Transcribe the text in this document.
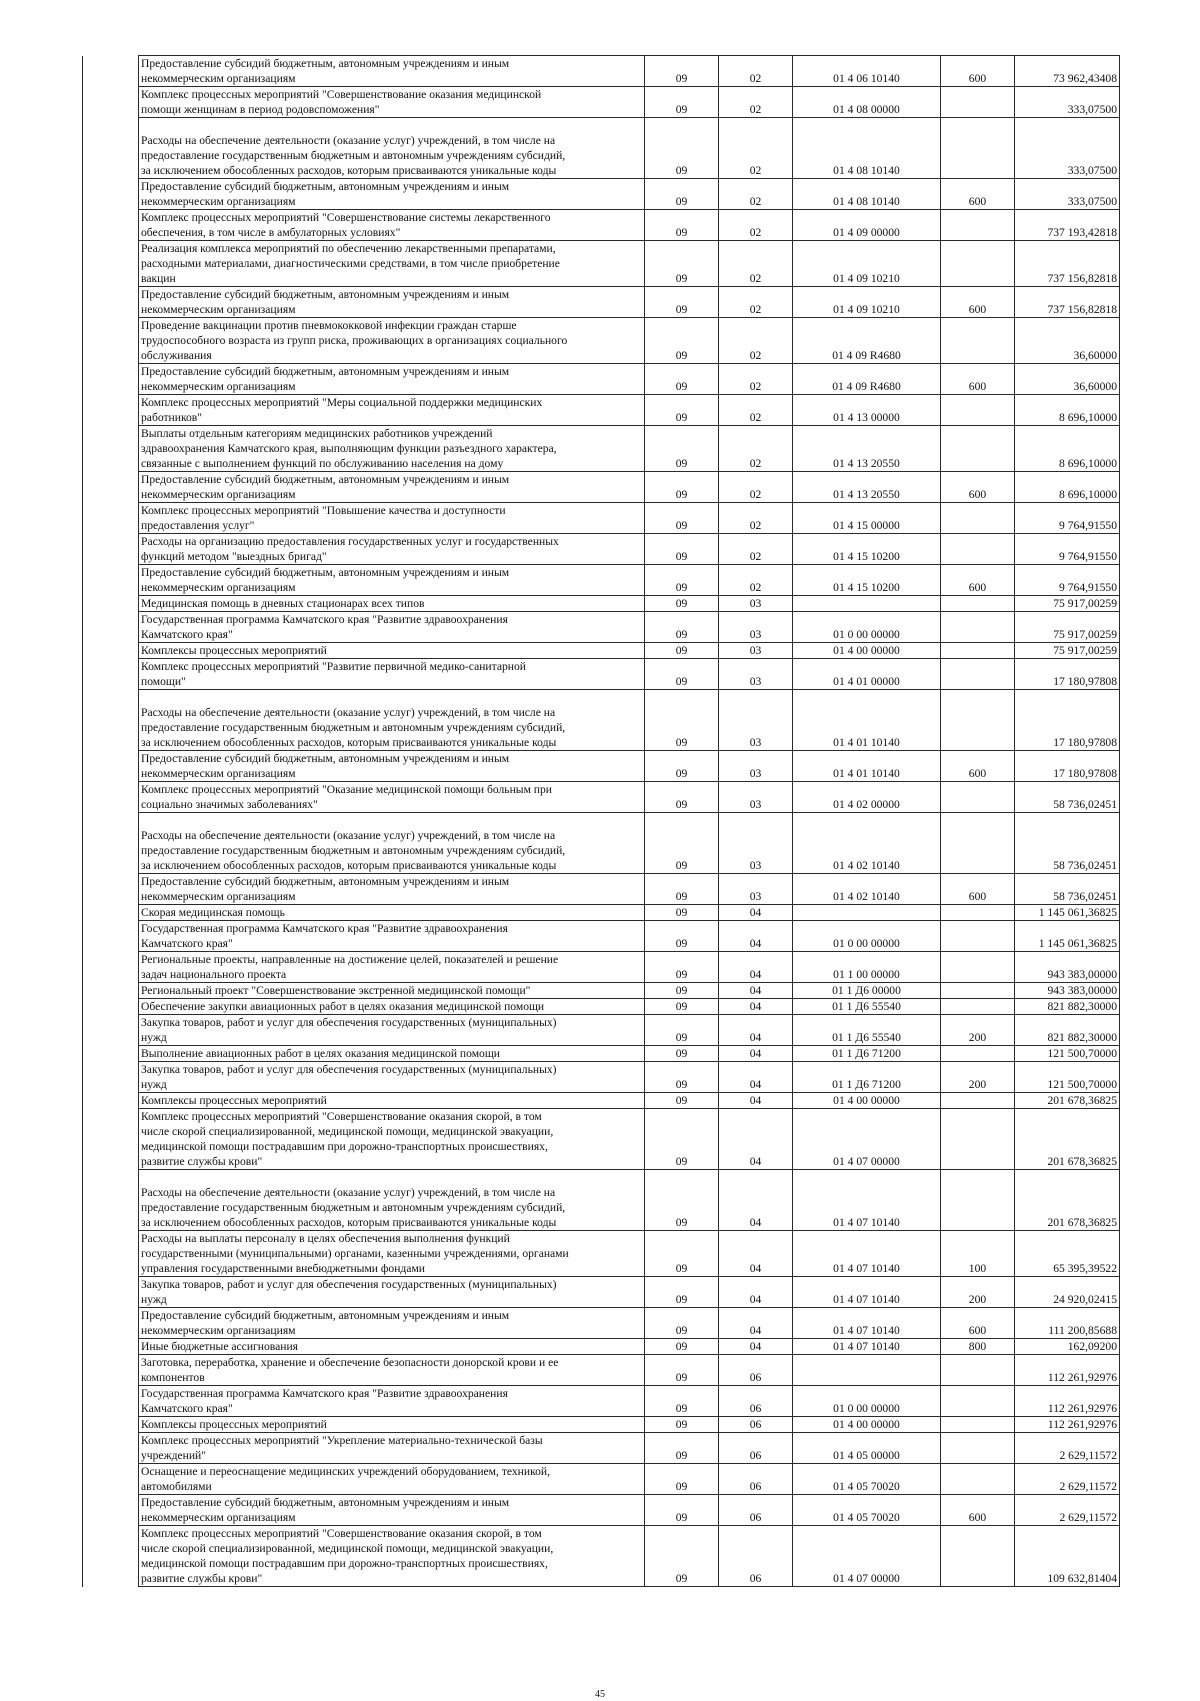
	Предоставление субсидий бюджетным, автономным учреждениям и иным
некоммерческим организациям	09	02	01 4 06 10140	600	73 962,43408
	Комплекс процессных мероприятий "Совершенствование оказания медицинской
помощи женщинам в период родовспоможения"	09	02	01 4 08 00000		333,07500

Расходы на обеспечение деятельности (оказание услуг) учреждений, в том числе на
предоставление государственным бюджетным и автономным учреждениям субсидий,
за исключением обособленных расходов, которым присваиваются уникальные коды	09	02	01 4 08 10140		333,07500
	Предоставление субсидий бюджетным, автономным учреждениям и иным
некоммерческим организациям	09	02	01 4 08 10140	600	333,07500
	Комплекс процессных мероприятий "Совершенствование системы лекарственного
обеспечения, в том числе в амбулаторных условиях"	09	02	01 4 09 00000		737 193,42818
	Реализация комплекса мероприятий по обеспечению лекарственными препаратами,
расходными материалами, диагностическими средствами, в том числе приобретение
вакцин	09	02	01 4 09 10210		737 156,82818
	Предоставление субсидий бюджетным, автономным учреждениям и иным
некоммерческим организациям	09	02	01 4 09 10210	600	737 156,82818
	Проведение вакцинации против пневмококковой инфекции граждан старше
трудоспособного возраста из групп риска, проживающих в организациях социального
обслуживания	09	02	01 4 09 R4680		36,60000
	Предоставление субсидий бюджетным, автономным учреждениям и иным
некоммерческим организациям	09	02	01 4 09 R4680	600	36,60000
	Комплекс процессных мероприятий "Меры социальной поддержки медицинских
работников"	09	02	01 4 13 00000		8 696,10000
	Выплаты отдельным категориям медицинских работников учреждений
здравоохранения Камчатского края, выполняющим функции разъездного характера,
связанные с выполнением функций по обслуживанию населения на дому	09	02	01 4 13 20550		8 696,10000
	Предоставление субсидий бюджетным, автономным учреждениям и иным
некоммерческим организациям	09	02	01 4 13 20550	600	8 696,10000
	Комплекс процессных мероприятий "Повышение качества и доступности
предоставления услуг"	09	02	01 4 15 00000		9 764,91550
	Расходы на организацию предоставления государственных услуг и государственных
функций методом "выездных бригад"	09	02	01 4 15 10200		9 764,91550
	Предоставление субсидий бюджетным, автономным учреждениям и иным
некоммерческим организациям	09	02	01 4 15 10200	600	9 764,91550
	Медицинская помощь в дневных стационарах всех типов	09	03			75 917,00259
	Государственная программа Камчатского края "Развитие здравоохранения
Камчатского края"	09	03	01 0 00 00000		75 917,00259
	Комплексы процессных мероприятий	09	03	01 4 00 00000		75 917,00259
	Комплекс процессных мероприятий "Развитие первичной медико-санитарной
помощи"	09	03	01 4 01 00000		17 180,97808

Расходы на обеспечение деятельности (оказание услуг) учреждений, в том числе на
предоставление государственным бюджетным и автономным учреждениям субсидий,
за исключением обособленных расходов, которым присваиваются уникальные коды	09	03	01 4 01 10140		17 180,97808
	Предоставление субсидий бюджетным, автономным учреждениям и иным
некоммерческим организациям	09	03	01 4 01 10140	600	17 180,97808
	Комплекс процессных мероприятий "Оказание медицинской помощи больным при
социально значимых заболеваниях"	09	03	01 4 02 00000		58 736,02451

Расходы на обеспечение деятельности (оказание услуг) учреждений, в том числе на
предоставление государственным бюджетным и автономным учреждениям субсидий,
за исключением обособленных расходов, которым присваиваются уникальные коды	09	03	01 4 02 10140		58 736,02451
	Предоставление субсидий бюджетным, автономным учреждениям и иным
некоммерческим организациям	09	03	01 4 02 10140	600	58 736,02451
	Скорая медицинская помощь	09	04			1 145 061,36825
	Государственная программа Камчатского края "Развитие здравоохранения
Камчатского края"	09	04	01 0 00 00000		1 145 061,36825
	Региональные проекты, направленные на достижение целей, показателей и решение
задач национального проекта	09	04	01 1 00 00000		943 383,00000
	Региональный проект "Совершенствование экстренной медицинской помощи"	09	04	01 1 Д6 00000		943 383,00000
	Обеспечение закупки авиационных работ в целях оказания медицинской помощи	09	04	01 1 Д6 55540		821 882,30000
	Закупка товаров, работ и услуг для обеспечения государственных (муниципальных)
нужд	09	04	01 1 Д6 55540	200	821 882,30000
	Выполнение авиационных работ в целях оказания медицинской помощи	09	04	01 1 Д6 71200		121 500,70000
	Закупка товаров, работ и услуг для обеспечения государственных (муниципальных)
нужд	09	04	01 1 Д6 71200	200	121 500,70000
	Комплексы процессных мероприятий	09	04	01 4 00 00000		201 678,36825
	Комплекс процессных мероприятий "Совершенствование оказания скорой, в том
числе скорой специализированной, медицинской помощи, медицинской эвакуации,
медицинской помощи пострадавшим при дорожно-транспортных происшествиях,
развитие службы крови"	09	04	01 4 07 00000		201 678,36825

Расходы на обеспечение деятельности (оказание услуг) учреждений, в том числе на
предоставление государственным бюджетным и автономным учреждениям субсидий,
за исключением обособленных расходов, которым присваиваются уникальные коды	09	04	01 4 07 10140		201 678,36825
	Расходы на выплаты персоналу в целях обеспечения выполнения функций
государственными (муниципальными) органами, казенными учреждениями, органами
управления государственными внебюджетными фондами	09	04	01 4 07 10140	100	65 395,39522
	Закупка товаров, работ и услуг для обеспечения государственных (муниципальных)
нужд	09	04	01 4 07 10140	200	24 920,02415
	Предоставление субсидий бюджетным, автономным учреждениям и иным
некоммерческим организациям	09	04	01 4 07 10140	600	111 200,85688
	Иные бюджетные ассигнования	09	04	01 4 07 10140	800	162,09200
	Заготовка, переработка, хранение и обеспечение безопасности донорской крови и ее
компонентов	09	06			112 261,92976
	Государственная программа Камчатского края "Развитие здравоохранения
Камчатского края"	09	06	01 0 00 00000		112 261,92976
	Комплексы процессных мероприятий	09	06	01 4 00 00000		112 261,92976
	Комплекс процессных мероприятий "Укрепление материально-технической базы
учреждений"	09	06	01 4 05 00000		2 629,11572
	Оснащение и переоснащение медицинских учреждений оборудованием, техникой,
автомобилями	09	06	01 4 05 70020		2 629,11572
	Предоставление субсидий бюджетным, автономным учреждениям и иным
некоммерческим организациям	09	06	01 4 05 70020	600	2 629,11572
	Комплекс процессных мероприятий "Совершенствование оказания скорой, в том
числе скорой специализированной, медицинской помощи, медицинской эвакуации,
медицинской помощи пострадавшим при дорожно-транспортных происшествиях,
развитие службы крови"	09	06	01 4 07 00000		109 632,81404
45
